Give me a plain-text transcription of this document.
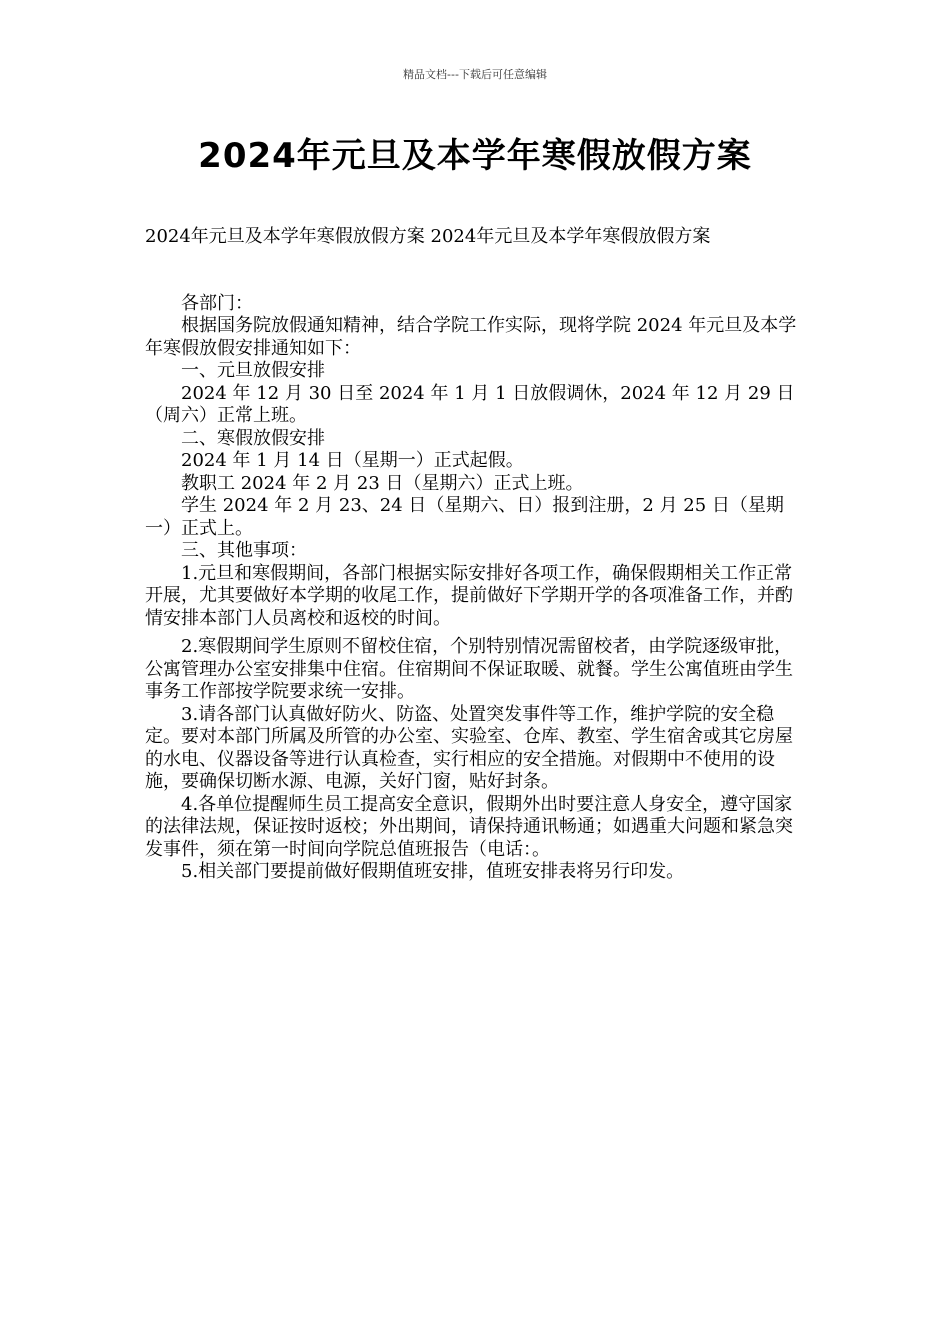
精品文档---下载后可任意编辑
2024年元旦及本学年寒假放假方案

2024年元旦及本学年寒假放假方案 2024年元旦及本学年寒假放假方案

各部门：

根据国务院放假通知精神，结合学院工作实际，现将学院 2024 年元旦及本学年寒假放假安排通知如下：

一、元旦放假安排

2024 年 12 月 30 日至 2024 年 1 月 1 日放假调休，2024 年 12 月 29 日（周六）正常上班。

二、寒假放假安排

2024 年 1 月 14 日（星期一）正式起假。

教职工 2024 年 2 月 23 日（星期六）正式上班。

学生 2024 年 2 月 23、24 日（星期六、日）报到注册，2 月 25 日（星期一）正式上。

三、其他事项：

1.元旦和寒假期间，各部门根据实际安排好各项工作，确保假期相关工作正常开展，尤其要做好本学期的收尾工作，提前做好下学期开学的各项准备工作，并酌情安排本部门人员离校和返校的时间。

2.寒假期间学生原则不留校住宿，个别特别情况需留校者，由学院逐级审批，公寓管理办公室安排集中住宿。住宿期间不保证取暖、就餐。学生公寓值班由学生事务工作部按学院要求统一安排。

3.请各部门认真做好防火、防盗、处置突发事件等工作，维护学院的安全稳定。要对本部门所属及所管的办公室、实验室、仓库、教室、学生宿舍或其它房屋的水电、仪器设备等进行认真检查，实行相应的安全措施。对假期中不使用的设施，要确保切断水源、电源，关好门窗，贴好封条。

4.各单位提醒师生员工提高安全意识，假期外出时要注意人身安全，遵守国家的法律法规，保证按时返校；外出期间，请保持通讯畅通；如遇重大问题和紧急突发事件，须在第一时间向学院总值班报告（电话：。

5.相关部门要提前做好假期值班安排，值班安排表将另行印发。
